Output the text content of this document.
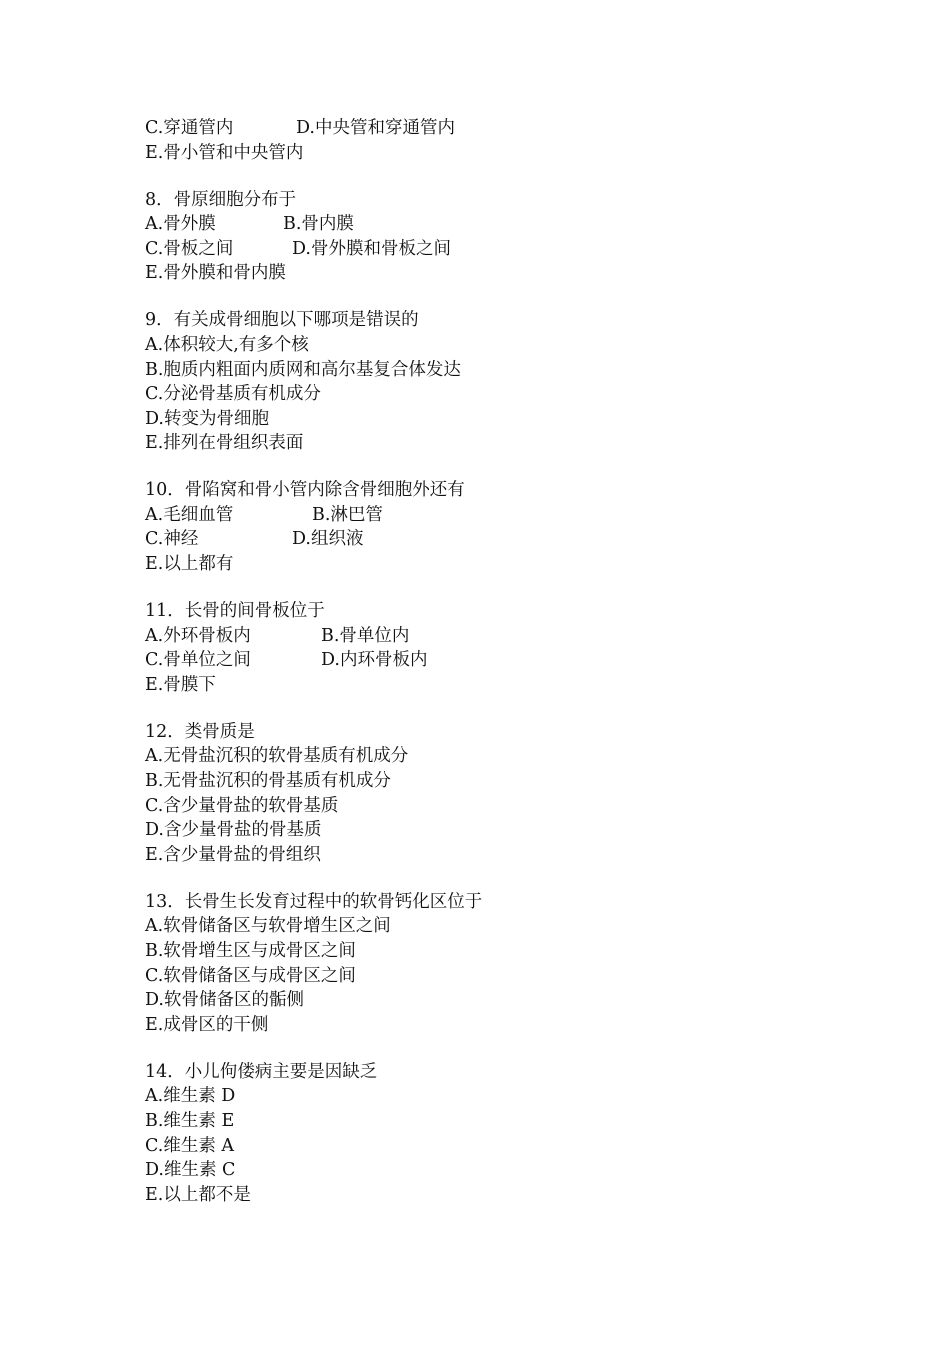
C.穿通管内	D.中央管和穿通管内
E.骨小管和中央管内
8．骨原细胞分布于
A.骨外膜	B.骨内膜
C.骨板之间	D.骨外膜和骨板之间
E.骨外膜和骨内膜
9．有关成骨细胞以下哪项是错误的
A.体积较大,有多个核
B.胞质内粗面内质网和高尔基复合体发达
C.分泌骨基质有机成分
D.转变为骨细胞
E.排列在骨组织表面
10．骨陷窝和骨小管内除含骨细胞外还有
A.毛细血管	B.淋巴管
C.神经	D.组织液
E.以上都有
11．长骨的间骨板位于
A.外环骨板内	B.骨单位内
C.骨单位之间	D.内环骨板内
E.骨膜下
12．类骨质是
A.无骨盐沉积的软骨基质有机成分
B.无骨盐沉积的骨基质有机成分
C.含少量骨盐的软骨基质
D.含少量骨盐的骨基质
E.含少量骨盐的骨组织
13．长骨生长发育过程中的软骨钙化区位于
A.软骨储备区与软骨增生区之间
B.软骨增生区与成骨区之间
C.软骨储备区与成骨区之间
D.软骨储备区的骺侧
E.成骨区的干侧
14．小儿佝偻病主要是因缺乏
A.维生素 D
B.维生素 E
C.维生素 A
D.维生素 C
E.以上都不是
